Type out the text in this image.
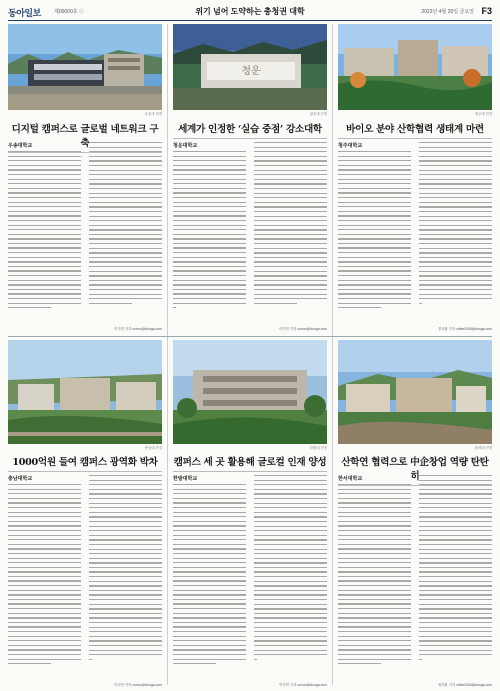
동아일보	제00000호 ⓒ	위기 넘어 도약하는 충청권 대학	2022년 4월 20일 금요일 F3
우송대 전경
디지털 캠퍼스로 글로벌 네트워크 구축
우송대학교
이지연 기자 cursor@donga.com
청운
청운대 전경
세계가 인정한 ‘실습 중점’ 강소대학
청운대학교
이지연 기자 cursor@donga.com
청주대 전경
바이오 분야 산학협력 생태계 마련
청주대학교
정지환 기자 chlee0306@donga.com
충남대 전경
1000억원 들여 캠퍼스 광역화 박차
충남대학교
이지연 기자 cursor@donga.com
한발대 전경
캠퍼스 세 곳 활용해 글로컬 인재 양성
한발대학교
이지연 기자 cursor@donga.com
한서대 전경
산학연 협력으로 中企창업 역량 탄탄히
한서대학교
정지환 기자 chlee0306@donga.com
